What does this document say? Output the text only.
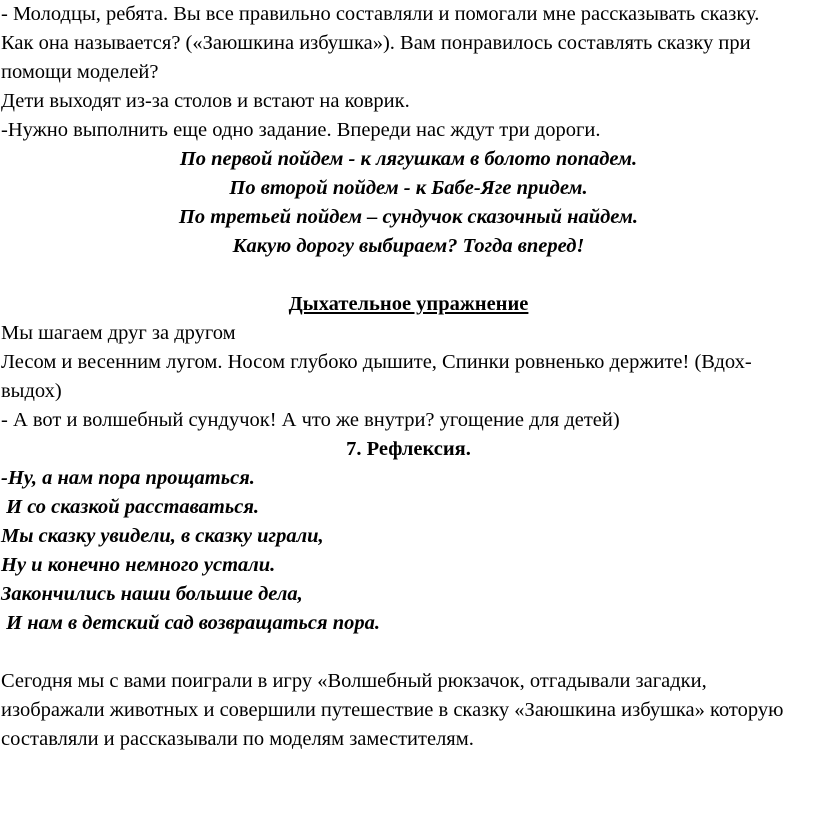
- Молодцы, ребята. Вы все правильно составляли и помогали мне рассказывать сказку.

Как она называется? («Заюшкина избушка»). Вам понравилось составлять сказку при

помощи моделей?

Дети выходят из-за столов и встают на коврик.

-Нужно выполнить еще одно задание. Впереди нас ждут три дороги.

По первой пойдем - к лягушкам в болото попадем.

По второй пойдем - к Бабе-Яге придем.

По третьей пойдем – сундучок сказочный найдем.

Какую дорогу выбираем? Тогда вперед!

Дыхательное упражнение

Мы шагаем друг за другом

Лесом и весенним лугом. Носом глубоко дышите, Спинки ровненько держите! (Вдох-

выдох)

- А вот и волшебный сундучок! А что же внутри? угощение для детей)

7. Рефлексия.

-Ну, а нам пора прощаться.

И со сказкой расставаться.

Мы сказку увидели, в сказку играли,

Ну и конечно немного устали.

Закончились наши большие дела,

И нам в детский сад возвращаться пора.

Сегодня мы с вами поиграли в игру «Волшебный рюкзачок, отгадывали загадки,

изображали животных и совершили путешествие в сказку «Заюшкина избушка» которую

составляли и рассказывали по моделям заместителям.
